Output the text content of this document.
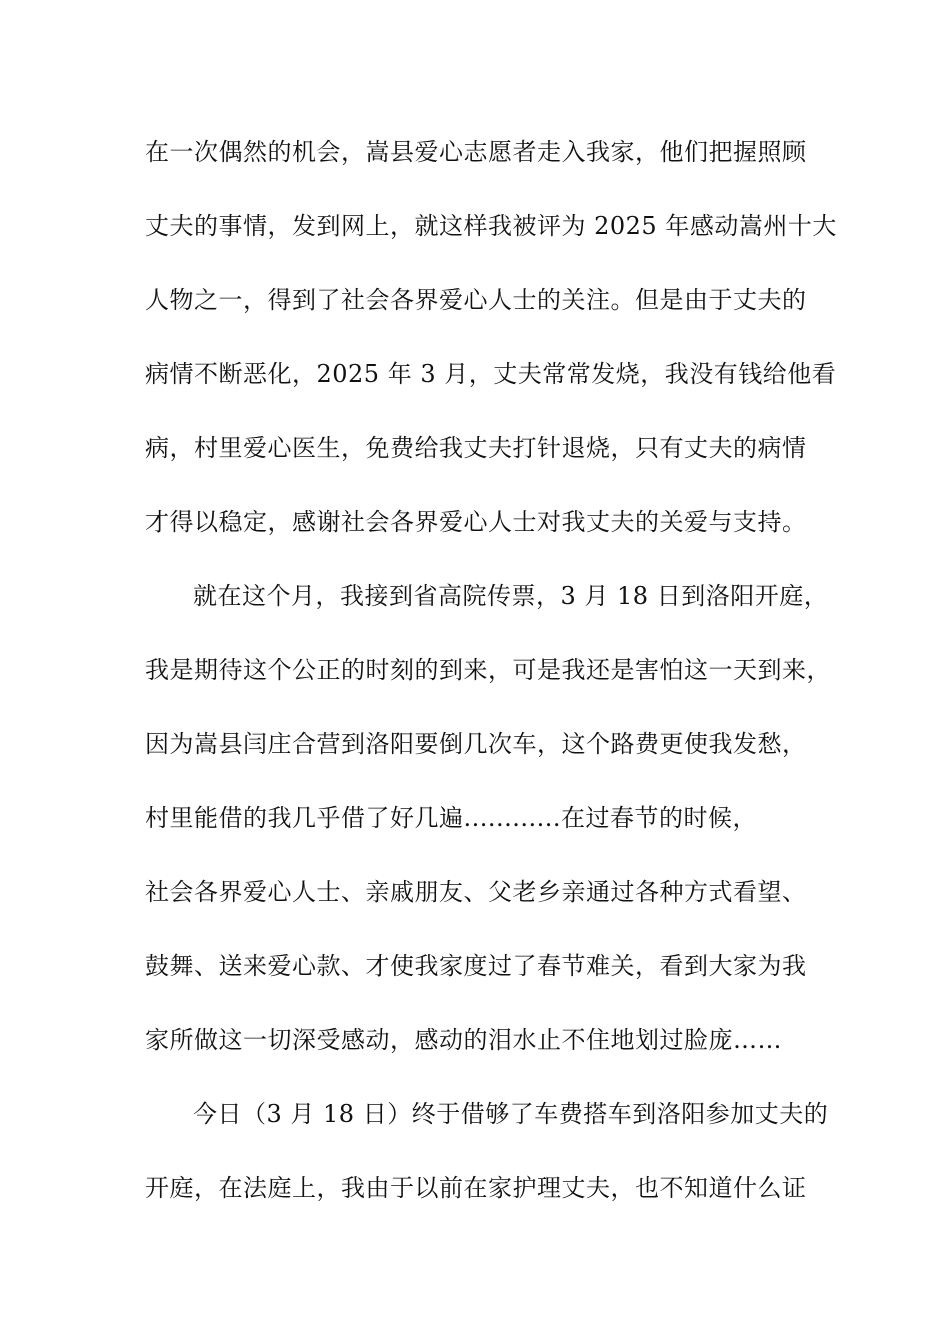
在一次偶然的机会，嵩县爱心志愿者走入我家，他们把握照顾
丈夫的事情，发到网上，就这样我被评为 2025 年感动嵩州十大
人物之一，得到了社会各界爱心人士的关注。但是由于丈夫的
病情不断恶化，2025 年 3 月，丈夫常常发烧，我没有钱给他看
病，村里爱心医生，免费给我丈夫打针退烧，只有丈夫的病情
才得以稳定，感谢社会各界爱心人士对我丈夫的关爱与支持。
就在这个月，我接到省高院传票，3 月 18 日到洛阳开庭，
我是期待这个公正的时刻的到来，可是我还是害怕这一天到来，
因为嵩县闫庄合营到洛阳要倒几次车，这个路费更使我发愁，
村里能借的我几乎借了好几遍............在过春节的时候，
社会各界爱心人士、亲戚朋友、父老乡亲通过各种方式看望、
鼓舞、送来爱心款、才使我家度过了春节难关，看到大家为我
家所做这一切深受感动，感动的泪水止不住地划过脸庞……
今日（3 月 18 日）终于借够了车费搭车到洛阳参加丈夫的
开庭，在法庭上，我由于以前在家护理丈夫，也不知道什么证
